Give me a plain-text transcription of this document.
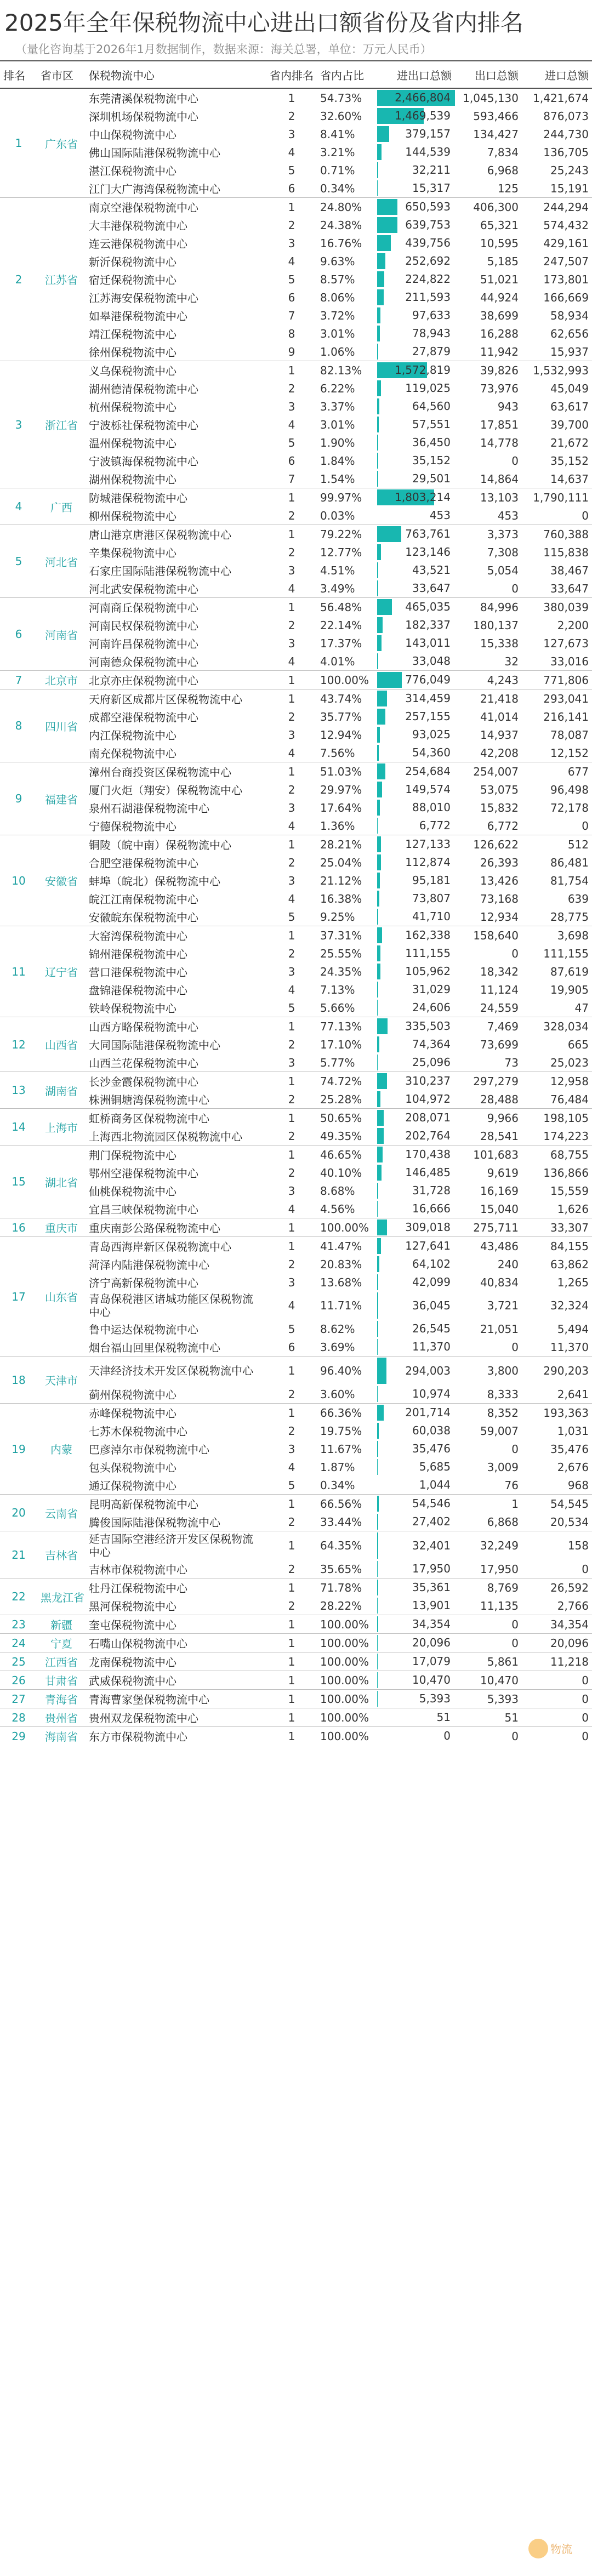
2025年全年保税物流中心进出口额省份及省内排名
（量化咨询基于2026年1月数据制作，数据来源：海关总署，单位：万元人民币）
排名	省市区	保税物流中心	省内排名	省内占比	进出口总额	出口总额	进口总额
1	广东省	东莞清溪保税物流中心	1	54.73%	2,466,804	1,045,130	1,421,674
		深圳机场保税物流中心	2	32.60%	1,469,539	593,466	876,073
		中山保税物流中心	3	8.41%	379,157	134,427	244,730
		佛山国际陆港保税物流中心	4	3.21%	144,539	7,834	136,705
		湛江保税物流中心	5	0.71%	32,211	6,968	25,243
		江门大广海湾保税物流中心	6	0.34%	15,317	125	15,191
2	江苏省	南京空港保税物流中心	1	24.80%	650,593	406,300	244,294
		大丰港保税物流中心	2	24.38%	639,753	65,321	574,432
		连云港保税物流中心	3	16.76%	439,756	10,595	429,161
		新沂保税物流中心	4	9.63%	252,692	5,185	247,507
		宿迁保税物流中心	5	8.57%	224,822	51,021	173,801
		江苏海安保税物流中心	6	8.06%	211,593	44,924	166,669
		如皋港保税物流中心	7	3.72%	97,633	38,699	58,934
		靖江保税物流中心	8	3.01%	78,943	16,288	62,656
		徐州保税物流中心	9	1.06%	27,879	11,942	15,937
3	浙江省	义乌保税物流中心	1	82.13%	1,572,819	39,826	1,532,993
		湖州德清保税物流中心	2	6.22%	119,025	73,976	45,049
		杭州保税物流中心	3	3.37%	64,560	943	63,617
		宁波栎社保税物流中心	4	3.01%	57,551	17,851	39,700
		温州保税物流中心	5	1.90%	36,450	14,778	21,672
		宁波镇海保税物流中心	6	1.84%	35,152	0	35,152
		湖州保税物流中心	7	1.54%	29,501	14,864	14,637
4	广西	防城港保税物流中心	1	99.97%	1,803,214	13,103	1,790,111
		柳州保税物流中心	2	0.03%	453	453	0
5	河北省	唐山港京唐港区保税物流中心	1	79.22%	763,761	3,373	760,388
		辛集保税物流中心	2	12.77%	123,146	7,308	115,838
		石家庄国际陆港保税物流中心	3	4.51%	43,521	5,054	38,467
		河北武安保税物流中心	4	3.49%	33,647	0	33,647
6	河南省	河南商丘保税物流中心	1	56.48%	465,035	84,996	380,039
		河南民权保税物流中心	2	22.14%	182,337	180,137	2,200
		河南许昌保税物流中心	3	17.37%	143,011	15,338	127,673
		河南德众保税物流中心	4	4.01%	33,048	32	33,016
7	北京市	北京亦庄保税物流中心	1	100.00%	776,049	4,243	771,806
8	四川省	天府新区成都片区保税物流中心	1	43.74%	314,459	21,418	293,041
		成都空港保税物流中心	2	35.77%	257,155	41,014	216,141
		内江保税物流中心	3	12.94%	93,025	14,937	78,087
		南充保税物流中心	4	7.56%	54,360	42,208	12,152
9	福建省	漳州台商投资区保税物流中心	1	51.03%	254,684	254,007	677
		厦门火炬（翔安）保税物流中心	2	29.97%	149,574	53,075	96,498
		泉州石湖港保税物流中心	3	17.64%	88,010	15,832	72,178
		宁德保税物流中心	4	1.36%	6,772	6,772	0
10	安徽省	铜陵（皖中南）保税物流中心	1	28.21%	127,133	126,622	512
		合肥空港保税物流中心	2	25.04%	112,874	26,393	86,481
		蚌埠（皖北）保税物流中心	3	21.12%	95,181	13,426	81,754
		皖江江南保税物流中心	4	16.38%	73,807	73,168	639
		安徽皖东保税物流中心	5	9.25%	41,710	12,934	28,775
11	辽宁省	大窑湾保税物流中心	1	37.31%	162,338	158,640	3,698
		锦州港保税物流中心	2	25.55%	111,155	0	111,155
		营口港保税物流中心	3	24.35%	105,962	18,342	87,619
		盘锦港保税物流中心	4	7.13%	31,029	11,124	19,905
		铁岭保税物流中心	5	5.66%	24,606	24,559	47
12	山西省	山西方略保税物流中心	1	77.13%	335,503	7,469	328,034
		大同国际陆港保税物流中心	2	17.10%	74,364	73,699	665
		山西兰花保税物流中心	3	5.77%	25,096	73	25,023
13	湖南省	长沙金霞保税物流中心	1	74.72%	310,237	297,279	12,958
		株洲铜塘湾保税物流中心	2	25.28%	104,972	28,488	76,484
14	上海市	虹桥商务区保税物流中心	1	50.65%	208,071	9,966	198,105
		上海西北物流园区保税物流中心	2	49.35%	202,764	28,541	174,223
15	湖北省	荆门保税物流中心	1	46.65%	170,438	101,683	68,755
		鄂州空港保税物流中心	2	40.10%	146,485	9,619	136,866
		仙桃保税物流中心	3	8.68%	31,728	16,169	15,559
		宜昌三峡保税物流中心	4	4.56%	16,666	15,040	1,626
16	重庆市	重庆南彭公路保税物流中心	1	100.00%	309,018	275,711	33,307
17	山东省	青岛西海岸新区保税物流中心	1	41.47%	127,641	43,486	84,155
		菏泽内陆港保税物流中心	2	20.83%	64,102	240	63,862
		济宁高新保税物流中心	3	13.68%	42,099	40,834	1,265
		青岛保税港区诸城功能区保税物流中心	4	11.71%	36,045	3,721	32,324
		鲁中运达保税物流中心	5	8.62%	26,545	21,051	5,494
		烟台福山回里保税物流中心	6	3.69%	11,370	0	11,370
18	天津市	天津经济技术开发区保税物流中心	1	96.40%	294,003	3,800	290,203
		蓟州保税物流中心	2	3.60%	10,974	8,333	2,641
19	内蒙	赤峰保税物流中心	1	66.36%	201,714	8,352	193,363
		七苏木保税物流中心	2	19.75%	60,038	59,007	1,031
		巴彦淖尔市保税物流中心	3	11.67%	35,476	0	35,476
		包头保税物流中心	4	1.87%	5,685	3,009	2,676
		通辽保税物流中心	5	0.34%	1,044	76	968
20	云南省	昆明高新保税物流中心	1	66.56%	54,546	1	54,545
		腾俊国际陆港保税物流中心	2	33.44%	27,402	6,868	20,534
21	吉林省	延吉国际空港经济开发区保税物流中心	1	64.35%	32,401	32,249	158
		吉林市保税物流中心	2	35.65%	17,950	17,950	0
22	黑龙江省	牡丹江保税物流中心	1	71.78%	35,361	8,769	26,592
		黑河保税物流中心	2	28.22%	13,901	11,135	2,766
23	新疆	奎屯保税物流中心	1	100.00%	34,354	0	34,354
24	宁夏	石嘴山保税物流中心	1	100.00%	20,096	0	20,096
25	江西省	龙南保税物流中心	1	100.00%	17,079	5,861	11,218
26	甘肃省	武威保税物流中心	1	100.00%	10,470	10,470	0
27	青海省	青海曹家堡保税物流中心	1	100.00%	5,393	5,393	0
28	贵州省	贵州双龙保税物流中心	1	100.00%	51	51	0
29	海南省	东方市保税物流中心	1	100.00%	0	0	0
物流
